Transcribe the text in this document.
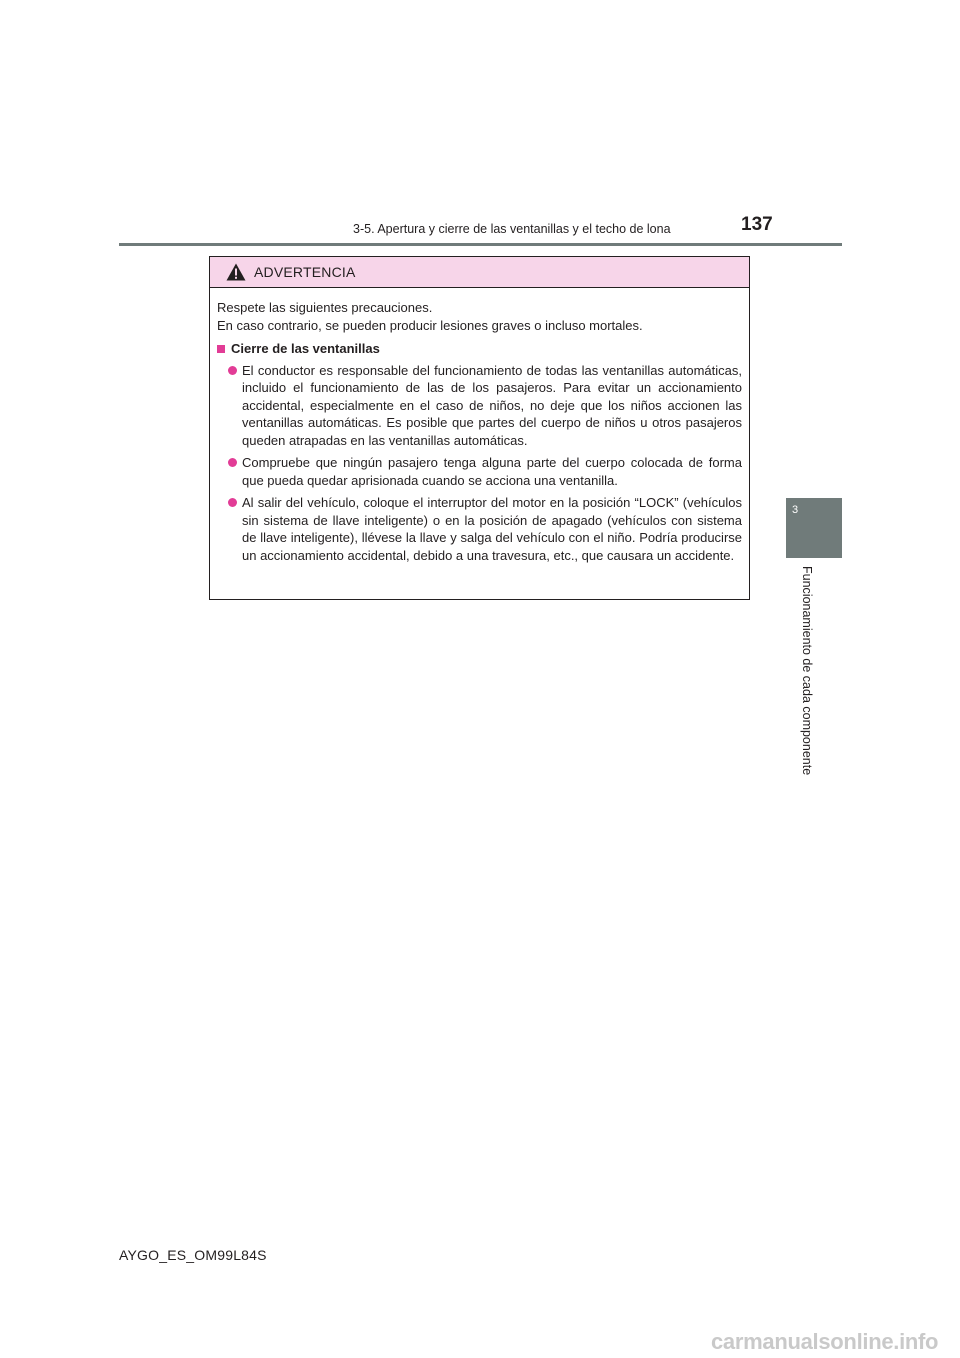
3-5. Apertura y cierre de las ventanillas y el techo de lona	137
3
Funcionamiento de cada componente
ADVERTENCIA
Respete las siguientes precauciones.
En caso contrario, se pueden producir lesiones graves o incluso mortales.
Cierre de las ventanillas
El conductor es responsable del funcionamiento de todas las ventanillas automáticas, incluido el funcionamiento de las de los pasajeros. Para evitar un accionamiento accidental, especialmente en el caso de niños, no deje que los niños accionen las ventanillas automáticas. Es posible que partes del cuerpo de niños u otros pasajeros queden atrapadas en las ventanillas automáticas.
Compruebe que ningún pasajero tenga alguna parte del cuerpo colocada de forma que pueda quedar aprisionada cuando se acciona una ventanilla.
Al salir del vehículo, coloque el interruptor del motor en la posición “LOCK” (vehículos sin sistema de llave inteligente) o en la posición de apagado (vehículos con sistema de llave inteligente), llévese la llave y salga del vehículo con el niño. Podría producirse un accionamiento accidental, debido a una travesura, etc., que causara un accidente.
AYGO_ES_OM99L84S
carmanualsonline.info
